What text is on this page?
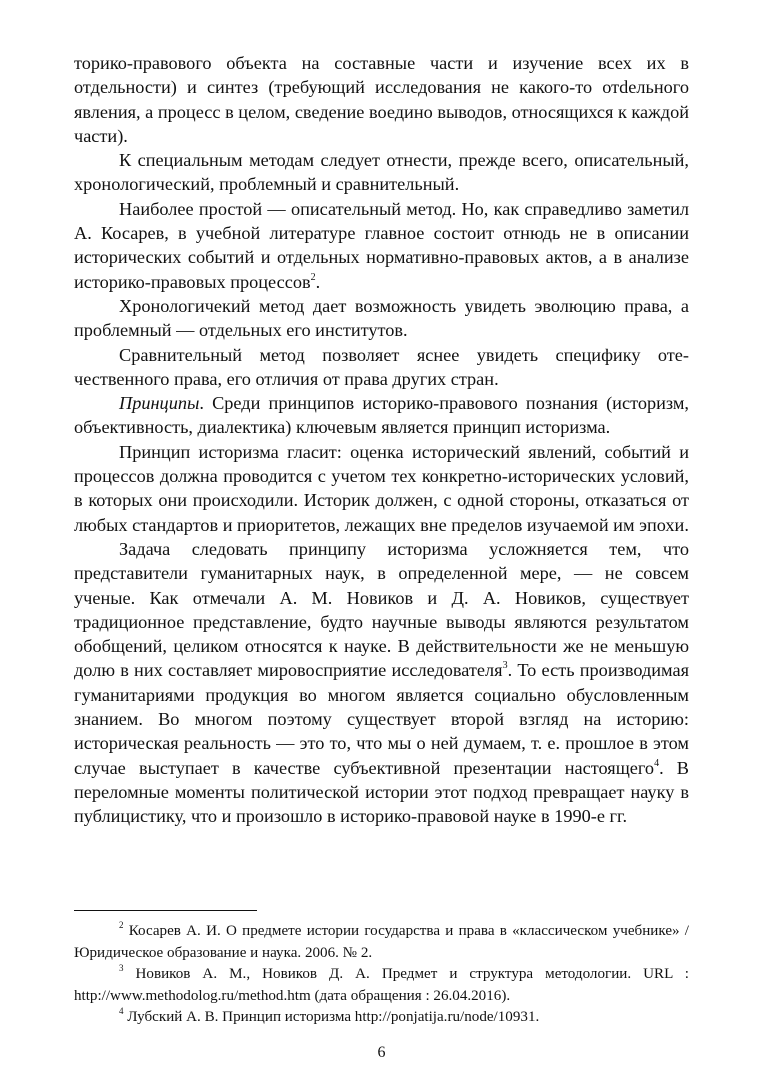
торико-правового объекта на составные части и изучение всех их в отдельности) и синтез (требующий исследования не какого-то отdельного явления, а процесс в целом, сведение воедино выводов, относящихся к каждой части).

К специальным методам следует отнести, прежде всего, описательный, хронологический, проблемный и сравнительный.

Наиболее простой — описательный метод. Но, как справедливо заметил А. Косарев, в учебной литературе главное состоит отнюдь не в описании исторических событий и отдельных нормативно-правовых актов, а в анализе историко-правовых процессов$^2$.

Хронологичекий метод дает возможность увидеть эволюцию права, а проблемный — отдельных его институтов.

Сравнительный метод позволяет яснее увидеть специфику отечественного права, его отличия от права других стран.

Принципы. Среди принципов историко-правового познания (историзм, объективность, диалектика) ключевым является принцип историзма.

Принцип историзма гласит: оценка исторический явлений, событий и процессов должна проводится с учетом тех конкретно-исторических условий, в которых они происходили. Историк должен, с одной стороны, отказаться от любых стандартов и приоритетов, лежащих вне пределов изучаемой им эпохи.

Задача следовать принципу историзма усложняется тем, что представители гуманитарных наук, в определенной мере, — не совсем ученые. Как отмечали А. М. Новиков и Д. А. Новиков, существует традиционное представление, будто научные выводы являются результатом обобщений, целиком относятся к науке. В действительности же не меньшую долю в них составляет мировосприятие исследователя$^3$. То есть производимая гуманитариями продукция во многом является социально обусловленным знанием. Во многом поэтому существует второй взгляд на историю: историческая реальность — это то, что мы о ней думаем, т. е. прошлое в этом случае выступает в качестве субъективной презентации настоящего$^4$. В переломные моменты политической истории этот подход превращает науку в публицистику, что и произошло в историко-правовой науке в 1990-е гг.

$^2$ Косарев А. И. О предмете истории государства и права в «классическом учебнике» / Юридическое образование и наука. 2006. № 2.

$^3$ Новиков А. М., Новиков Д. А. Предмет и структура методологии. URL : http://www.methodolog.ru/method.htm (дата обращения : 26.04.2016).

$^4$ Лубский А. В. Принцип историзма http://ponjatija.ru/node/10931.

6
